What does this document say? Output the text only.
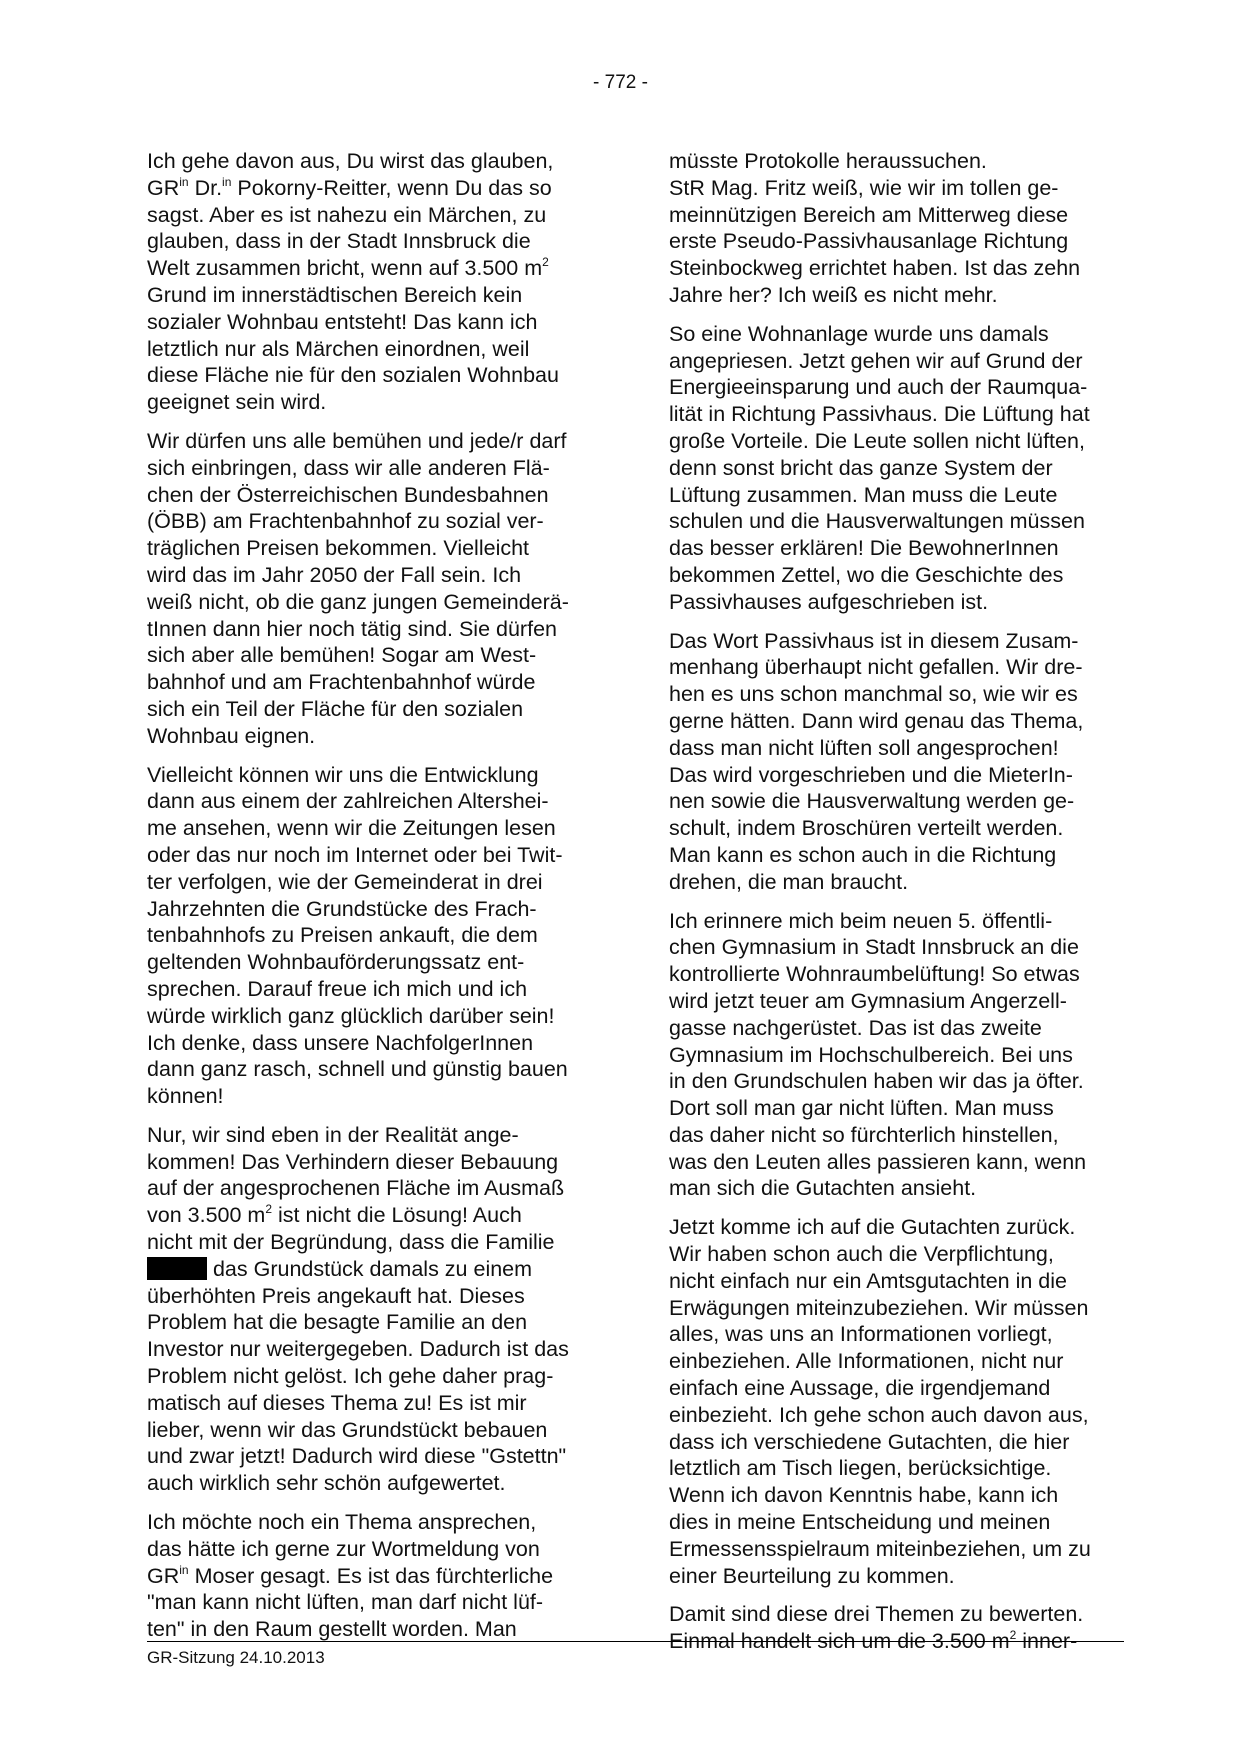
- 772 -
Ich gehe davon aus, Du wirst das glauben,
$GR^{in}$ Dr.$^{in}$ Pokorny-Reitter, wenn Du das so
sagst. Aber es ist nahezu ein Märchen, zu
glauben, dass in der Stadt Innsbruck die
Welt zusammen bricht, wenn auf 3.500 $m^2$
Grund im innerstädtischen Bereich kein
sozialer Wohnbau entsteht! Das kann ich
letztlich nur als Märchen einordnen, weil
diese Fläche nie für den sozialen Wohnbau
geeignet sein wird.
Wir dürfen uns alle bemühen und jede/r darf
sich einbringen, dass wir alle anderen Flä-
chen der Österreichischen Bundesbahnen
(ÖBB) am Frachtenbahnhof zu sozial ver-
träglichen Preisen bekommen. Vielleicht
wird das im Jahr 2050 der Fall sein. Ich
weiß nicht, ob die ganz jungen Gemeinderä-
tInnen dann hier noch tätig sind. Sie dürfen
sich aber alle bemühen! Sogar am West-
bahnhof und am Frachtenbahnhof würde
sich ein Teil der Fläche für den sozialen
Wohnbau eignen.
Vielleicht können wir uns die Entwicklung
dann aus einem der zahlreichen Altershei-
me ansehen, wenn wir die Zeitungen lesen
oder das nur noch im Internet oder bei Twit-
ter verfolgen, wie der Gemeinderat in drei
Jahrzehnten die Grundstücke des Frach-
tenbahnhofs zu Preisen ankauft, die dem
geltenden Wohnbauförderungssatz ent-
sprechen. Darauf freue ich mich und ich
würde wirklich ganz glücklich darüber sein!
Ich denke, dass unsere NachfolgerInnen
dann ganz rasch, schnell und günstig bauen
können!
Nur, wir sind eben in der Realität ange-
kommen! Das Verhindern dieser Bebauung
auf der angesprochenen Fläche im Ausmaß
von 3.500 $m^2$ ist nicht die Lösung! Auch
nicht mit der Begründung, dass die Familie
das Grundstück damals zu einem
überhöhten Preis angekauft hat. Dieses
Problem hat die besagte Familie an den
Investor nur weitergegeben. Dadurch ist das
Problem nicht gelöst. Ich gehe daher prag-
matisch auf dieses Thema zu! Es ist mir
lieber, wenn wir das Grundstückt bebauen
und zwar jetzt! Dadurch wird diese "Gstettn"
auch wirklich sehr schön aufgewertet.
Ich möchte noch ein Thema ansprechen,
das hätte ich gerne zur Wortmeldung von
$GR^{in}$ Moser gesagt. Es ist das fürchterliche
"man kann nicht lüften, man darf nicht lüf-
ten" in den Raum gestellt worden. Man
müsste Protokolle heraussuchen.
StR Mag. Fritz weiß, wie wir im tollen ge-
meinnützigen Bereich am Mitterweg diese
erste Pseudo-Passivhausanlage Richtung
Steinbockweg errichtet haben. Ist das zehn
Jahre her? Ich weiß es nicht mehr.
So eine Wohnanlage wurde uns damals
angepriesen. Jetzt gehen wir auf Grund der
Energieeinsparung und auch der Raumqua-
lität in Richtung Passivhaus. Die Lüftung hat
große Vorteile. Die Leute sollen nicht lüften,
denn sonst bricht das ganze System der
Lüftung zusammen. Man muss die Leute
schulen und die Hausverwaltungen müssen
das besser erklären! Die BewohnerInnen
bekommen Zettel, wo die Geschichte des
Passivhauses aufgeschrieben ist.
Das Wort Passivhaus ist in diesem Zusam-
menhang überhaupt nicht gefallen. Wir dre-
hen es uns schon manchmal so, wie wir es
gerne hätten. Dann wird genau das Thema,
dass man nicht lüften soll angesprochen!
Das wird vorgeschrieben und die MieterIn-
nen sowie die Hausverwaltung werden ge-
schult, indem Broschüren verteilt werden.
Man kann es schon auch in die Richtung
drehen, die man braucht.
Ich erinnere mich beim neuen 5. öffentli-
chen Gymnasium in Stadt Innsbruck an die
kontrollierte Wohnraumbelüftung! So etwas
wird jetzt teuer am Gymnasium Angerzell-
gasse nachgerüstet. Das ist das zweite
Gymnasium im Hochschulbereich. Bei uns
in den Grundschulen haben wir das ja öfter.
Dort soll man gar nicht lüften. Man muss
das daher nicht so fürchterlich hinstellen,
was den Leuten alles passieren kann, wenn
man sich die Gutachten ansieht.
Jetzt komme ich auf die Gutachten zurück.
Wir haben schon auch die Verpflichtung,
nicht einfach nur ein Amtsgutachten in die
Erwägungen miteinzubeziehen. Wir müssen
alles, was uns an Informationen vorliegt,
einbeziehen. Alle Informationen, nicht nur
einfach eine Aussage, die irgendjemand
einbezieht. Ich gehe schon auch davon aus,
dass ich verschiedene Gutachten, die hier
letztlich am Tisch liegen, berücksichtige.
Wenn ich davon Kenntnis habe, kann ich
dies in meine Entscheidung und meinen
Ermessensspielraum miteinbeziehen, um zu
einer Beurteilung zu kommen.
Damit sind diese drei Themen zu bewerten.
Einmal handelt sich um die 3.500 $m^2$ inner-
GR-Sitzung 24.10.2013
